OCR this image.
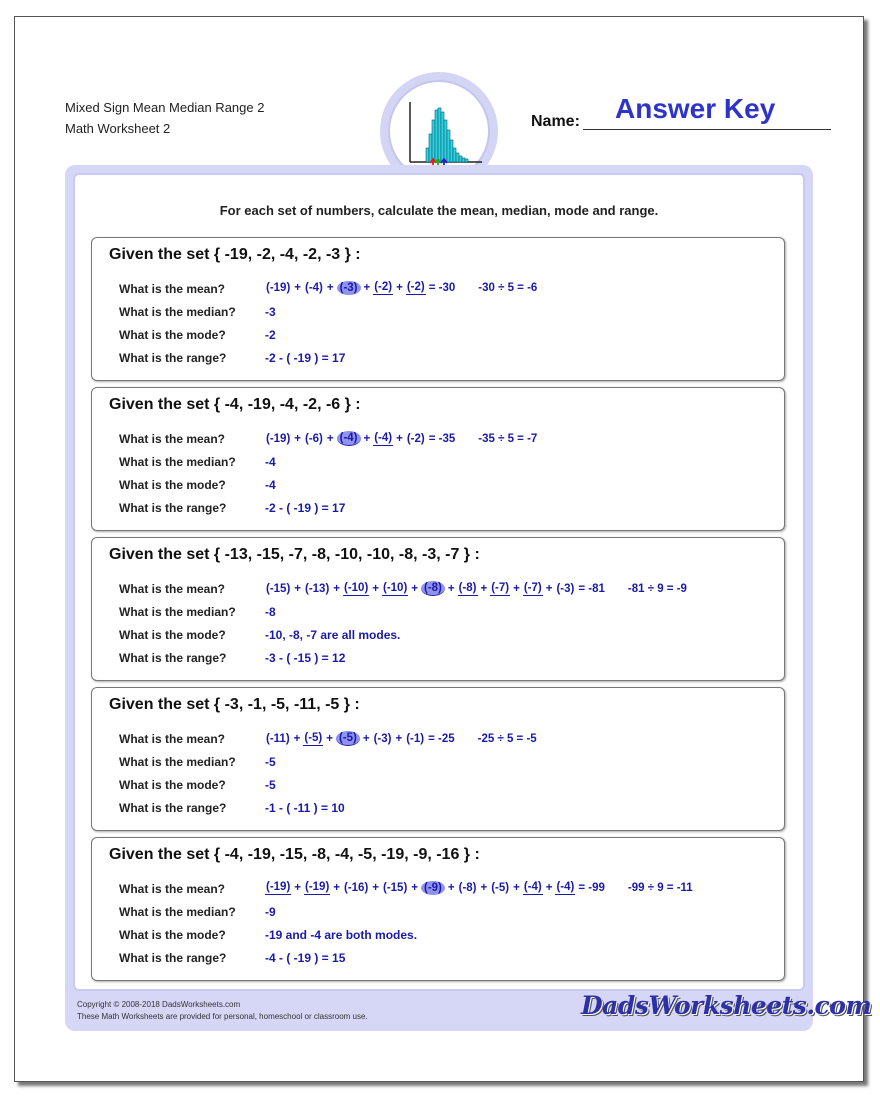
Mixed Sign Mean Median Range 2
Math Worksheet 2	Name: Answer Key
For each set of numbers, calculate the mean, median, mode and range.
Given the set { -19, -2, -4, -2, -3 } :
What is the mean?	(-19) + (-4) + (-3) + (-2) + (-2) = -30 -30 ÷ 5 = -6
What is the median? -3
What is the mode?	-2
What is the range?	-2 - ( -19 ) = 17
Given the set { -4, -19, -4, -2, -6 } :
What is the mean?	(-19) + (-6) + (-4) + (-4) + (-2) = -35 -35 ÷ 5 = -7
What is the median? -4
What is the mode?	-4
What is the range?	-2 - ( -19 ) = 17
Given the set { -13, -15, -7, -8, -10, -10, -8, -3, -7 } :
What is the mean?	(-15) + (-13) + (-10) + (-10) + (-8) + (-8) + (-7) + (-7) + (-3) = -81 -81 ÷ 9 = -9
What is the median? -8
What is the mode?	-10, -8, -7 are all modes.
What is the range?	-3 - ( -15 ) = 12
Given the set { -3, -1, -5, -11, -5 } :
What is the mean?	(-11) + (-5) + (-5) + (-3) + (-1) = -25 -25 ÷ 5 = -5
What is the median? -5
What is the mode?	-5
What is the range?	-1 - ( -11 ) = 10
Given the set { -4, -19, -15, -8, -4, -5, -19, -9, -16 } :
What is the mean?	(-19) + (-19) + (-16) + (-15) + (-9) + (-8) + (-5) + (-4) + (-4) = -99 -99 ÷ 9 = -11
What is the median? -9
What is the mode?	-19 and -4 are both modes.
What is the range?	-4 - ( -19 ) = 15
Copyright © 2008-2018 DadsWorksheets.com
These Math Worksheets are provided for personal, homeschool or classroom use.	DadsWorksheets.com
